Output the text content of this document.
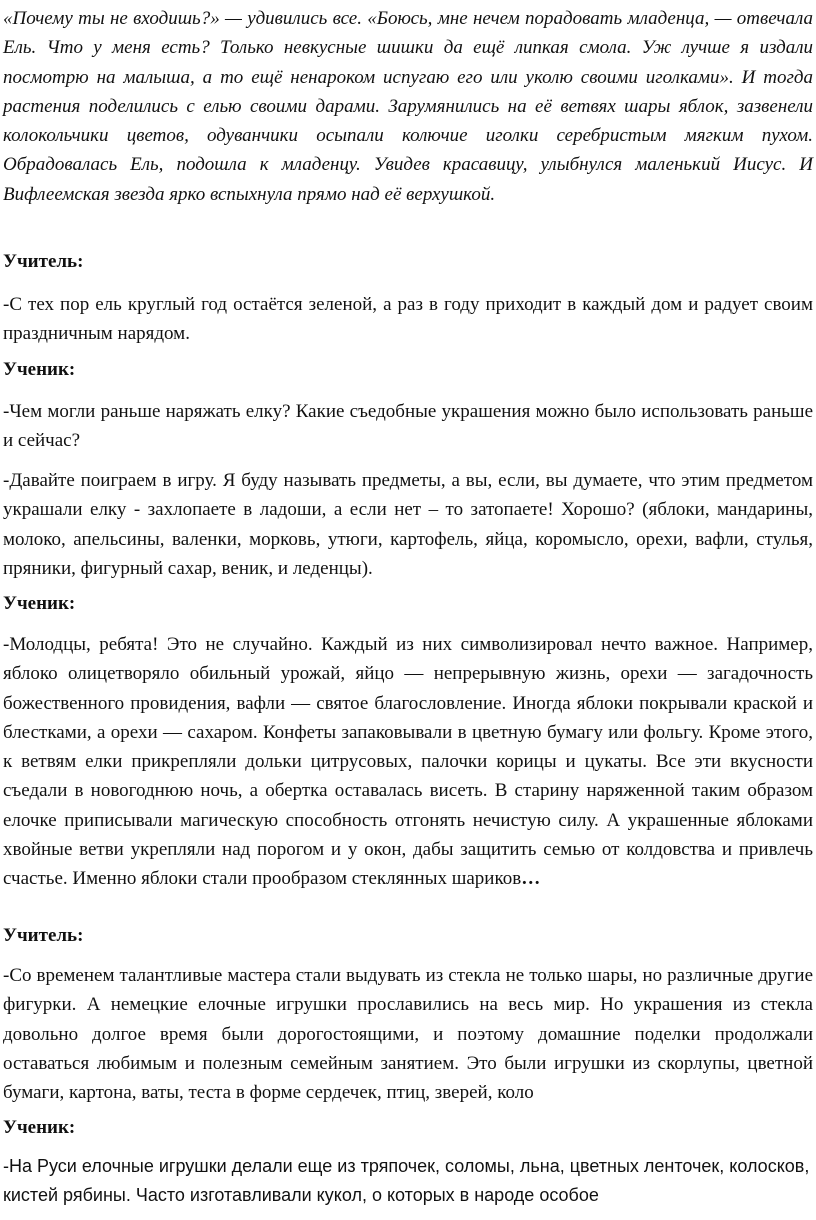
«Почему ты не входишь?» — удивились все. «Боюсь, мне нечем порадовать младенца, — отвечала Ель. Что у меня есть? Только невкусные шишки да ещё липкая смола. Уж лучше я издали посмотрю на малыша, а то ещё ненароком испугаю его или уколю своими иголками». И тогда растения поделились с елью своими дарами. Зарумянились на её ветвях шары яблок, зазвенели колокольчики цветов, одуванчики осыпали колючие иголки серебристым мягким пухом. Обрадовалась Ель, подошла к младенцу. Увидев красавицу, улыбнулся маленький Иисус. И Вифлеемская звезда ярко вспыхнула прямо над её верхушкой.

Учитель:

-С тех пор ель круглый год остаётся зеленой, а раз в году приходит в каждый дом и радует своим праздничным нарядом.

Ученик:

-Чем могли раньше наряжать елку? Какие съедобные украшения можно было использовать раньше и сейчас?

-Давайте поиграем в игру. Я буду называть предметы, а вы, если, вы думаете, что этим предметом украшали елку - захлопаете в ладоши, а если нет – то затопаете! Хорошо? (яблоки, мандарины, молоко, апельсины, валенки, морковь, утюги, картофель, яйца, коромысло, орехи, вафли, стулья, пряники, фигурный сахар, веник, и леденцы).

Ученик:

-Молодцы, ребята! Это не случайно. Каждый из них символизировал нечто важное. Например, яблоко олицетворяло обильный урожай, яйцо — непрерывную жизнь, орехи — загадочность божественного провидения, вафли — святое благословление. Иногда яблоки покрывали краской и блестками, а орехи — сахаром. Конфеты запаковывали в цветную бумагу или фольгу. Кроме этого, к ветвям елки прикрепляли дольки цитрусовых, палочки корицы и цукаты. Все эти вкусности съедали в новогоднюю ночь, а обертка оставалась висеть. В старину наряженной таким образом елочке приписывали магическую способность отгонять нечистую силу. А украшенные яблоками хвойные ветви укрепляли над порогом и у окон, дабы защитить семью от колдовства и привлечь счастье. Именно яблоки стали прообразом стеклянных шариков…

Учитель:

-Со временем талантливые мастера стали выдувать из стекла не только шары, но различные другие фигурки. А немецкие елочные игрушки прославились на весь мир. Но украшения из стекла довольно долгое время были дорогостоящими, и поэтому домашние поделки продолжали оставаться любимым и полезным семейным занятием. Это были игрушки из скорлупы, цветной бумаги, картона, ваты, теста в форме сердечек, птиц, зверей, коло

Ученик:

-На Руси елочные игрушки делали еще из тряпочек, соломы, льна, цветных ленточек, колосков, кистей рябины. Часто изготавливали кукол, о которых в народе особое
